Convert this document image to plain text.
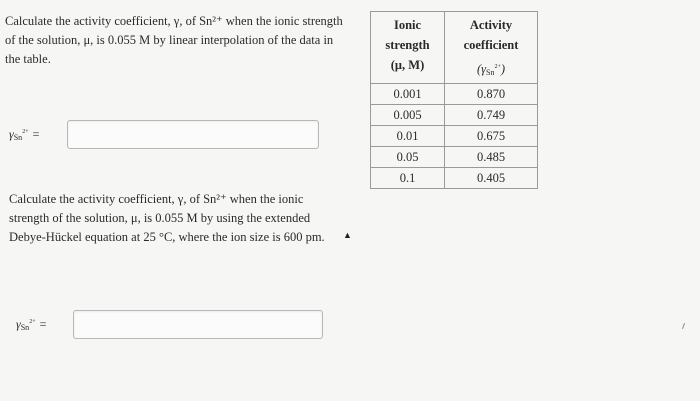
Calculate the activity coefficient, γ, of Sn²⁺ when the ionic strength of the solution, μ, is 0.055 M by linear interpolation of the data in the table.

$\gamma_{Sn}^{2+}$ =

Calculate the activity coefficient, γ, of Sn²⁺ when the ionic strength of the solution, μ, is 0.055 M by using the extended Debye-Hückel equation at 25 °C, where the ion size is 600 pm.	▲
$\gamma_{Sn}^{2+}$ =
Ionic
strength
(μ, M)	Activity
coefficient
$(\gamma_{Sn}^{2+})$

0.001	0.870
0.005	0.749
0.01	0.675
0.05	0.485
0.1	0.405
